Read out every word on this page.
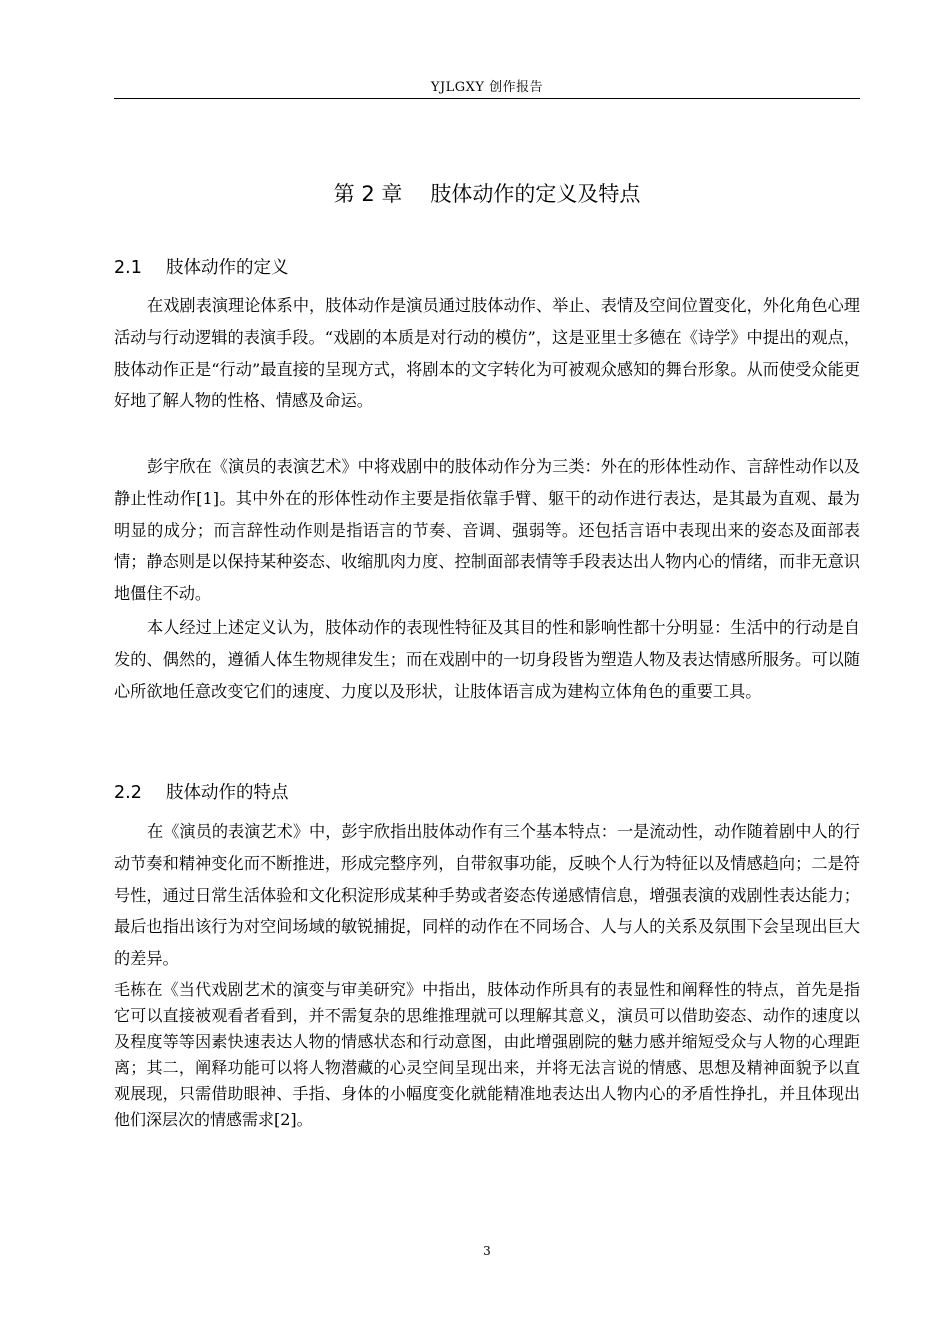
YJLGXY 创作报告
第 2 章 肢体动作的定义及特点
2.1 肢体动作的定义

在戏剧表演理论体系中，肢体动作是演员通过肢体动作、举止、表情及空间位置变化，外化角色心理活动与行动逻辑的表演手段。“戏剧的本质是对行动的模仿”，这是亚里士多德在《诗学》中提出的观点，肢体动作正是“行动”最直接的呈现方式，将剧本的文字转化为可被观众感知的舞台形象。从而使受众能更好地了解人物的性格、情感及命运。

彭宇欣在《演员的表演艺术》中将戏剧中的肢体动作分为三类：外在的形体性动作、言辞性动作以及静止性动作[1]。其中外在的形体性动作主要是指依靠手臂、躯干的动作进行表达，是其最为直观、最为明显的成分；而言辞性动作则是指语言的节奏、音调、强弱等。还包括言语中表现出来的姿态及面部表情；静态则是以保持某种姿态、收缩肌肉力度、控制面部表情等手段表达出人物内心的情绪，而非无意识地僵住不动。

本人经过上述定义认为，肢体动作的表现性特征及其目的性和影响性都十分明显：生活中的行动是自发的、偶然的，遵循人体生物规律发生；而在戏剧中的一切身段皆为塑造人物及表达情感所服务。可以随心所欲地任意改变它们的速度、力度以及形状，让肢体语言成为建构立体角色的重要工具。

2.2 肢体动作的特点

在《演员的表演艺术》中，彭宇欣指出肢体动作有三个基本特点：一是流动性，动作随着剧中人的行动节奏和精神变化而不断推进，形成完整序列，自带叙事功能，反映个人行为特征以及情感趋向；二是符号性，通过日常生活体验和文化积淀形成某种手势或者姿态传递感情信息，增强表演的戏剧性表达能力；最后也指出该行为对空间场域的敏锐捕捉，同样的动作在不同场合、人与人的关系及氛围下会呈现出巨大的差异。

毛栋在《当代戏剧艺术的演变与审美研究》中指出，肢体动作所具有的表显性和阐释性的特点，首先是指它可以直接被观看者看到，并不需复杂的思维推理就可以理解其意义，演员可以借助姿态、动作的速度以及程度等等因素快速表达人物的情感状态和行动意图，由此增强剧院的魅力感并缩短受众与人物的心理距离；其二，阐释功能可以将人物潜藏的心灵空间呈现出来，并将无法言说的情感、思想及精神面貌予以直观展现，只需借助眼神、手指、身体的小幅度变化就能精准地表达出人物内心的矛盾性挣扎，并且体现出他们深层次的情感需求[2]。

3
